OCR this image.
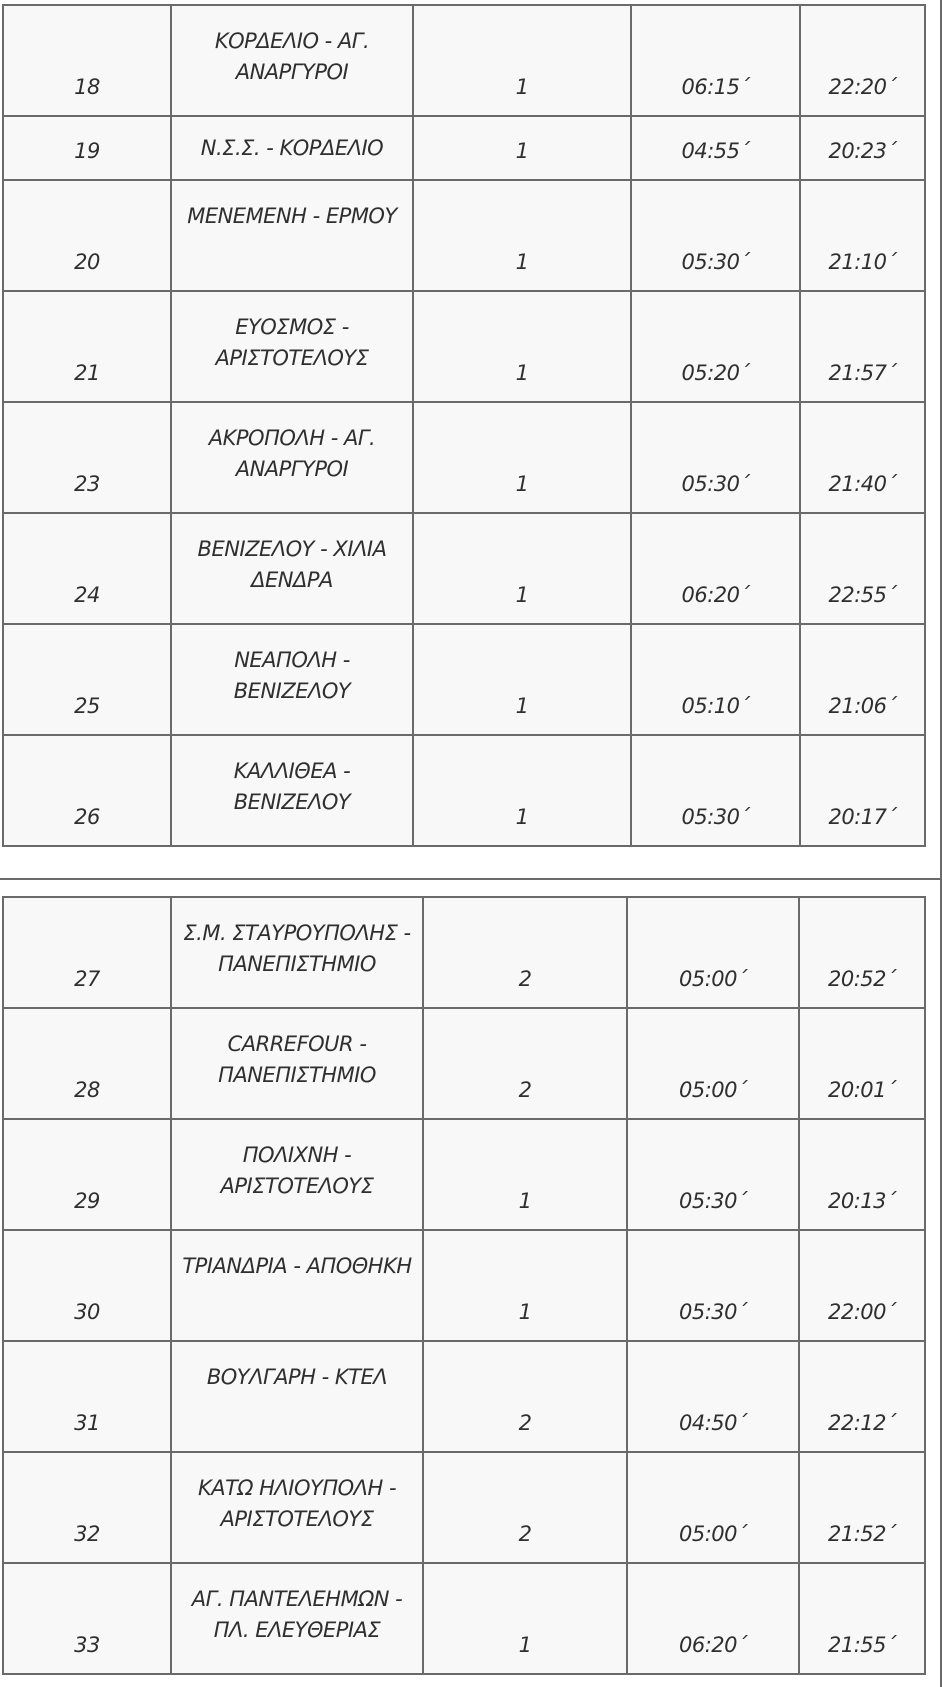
18	ΚΟΡΔΕΛΙΟ - ΑΓ. ΑΝΑΡΓΥΡΟΙ	1	06:15΄	22:20΄

19	Ν.Σ.Σ. - ΚΟΡΔΕΛΙΟ	1	04:55΄	20:23΄

20	ΜΕΝΕΜΕΝΗ - ΕΡΜΟΥ	1	05:30΄	21:10΄

21	ΕΥΟΣΜΟΣ - ΑΡΙΣΤΟΤΕΛΟΥΣ	1	05:20΄	21:57΄

23	ΑΚΡΟΠΟΛΗ - ΑΓ. ΑΝΑΡΓΥΡΟΙ	1	05:30΄	21:40΄

24	ΒΕΝΙΖΕΛΟΥ - ΧΙΛΙΑ ΔΕΝΔΡΑ	1	06:20΄	22:55΄

25	ΝΕΑΠΟΛΗ - ΒΕΝΙΖΕΛΟΥ	1	05:10΄	21:06΄

26	ΚΑΛΛΙΘΕΑ - ΒΕΝΙΖΕΛΟΥ	1	05:30΄	20:17΄
27	Σ.Μ. ΣΤΑΥΡΟΥΠΟΛΗΣ - ΠΑΝΕΠΙΣΤΗΜΙΟ	2	05:00΄	20:52΄

28	CARREFOUR - ΠΑΝΕΠΙΣΤΗΜΙΟ	2	05:00΄	20:01΄

29	ΠΟΛΙΧΝΗ - ΑΡΙΣΤΟΤΕΛΟΥΣ	1	05:30΄	20:13΄

30	ΤΡΙΑΝΔΡΙΑ - ΑΠΟΘΗΚΗ	1	05:30΄	22:00΄

31	ΒΟΥΛΓΑΡΗ - ΚΤΕΛ	2	04:50΄	22:12΄

32	ΚΑΤΩ ΗΛΙΟΥΠΟΛΗ - ΑΡΙΣΤΟΤΕΛΟΥΣ	2	05:00΄	21:52΄

33	ΑΓ. ΠΑΝΤΕΛΕΗΜΩΝ - ΠΛ. ΕΛΕΥΘΕΡΙΑΣ	1	06:20΄	21:55΄
